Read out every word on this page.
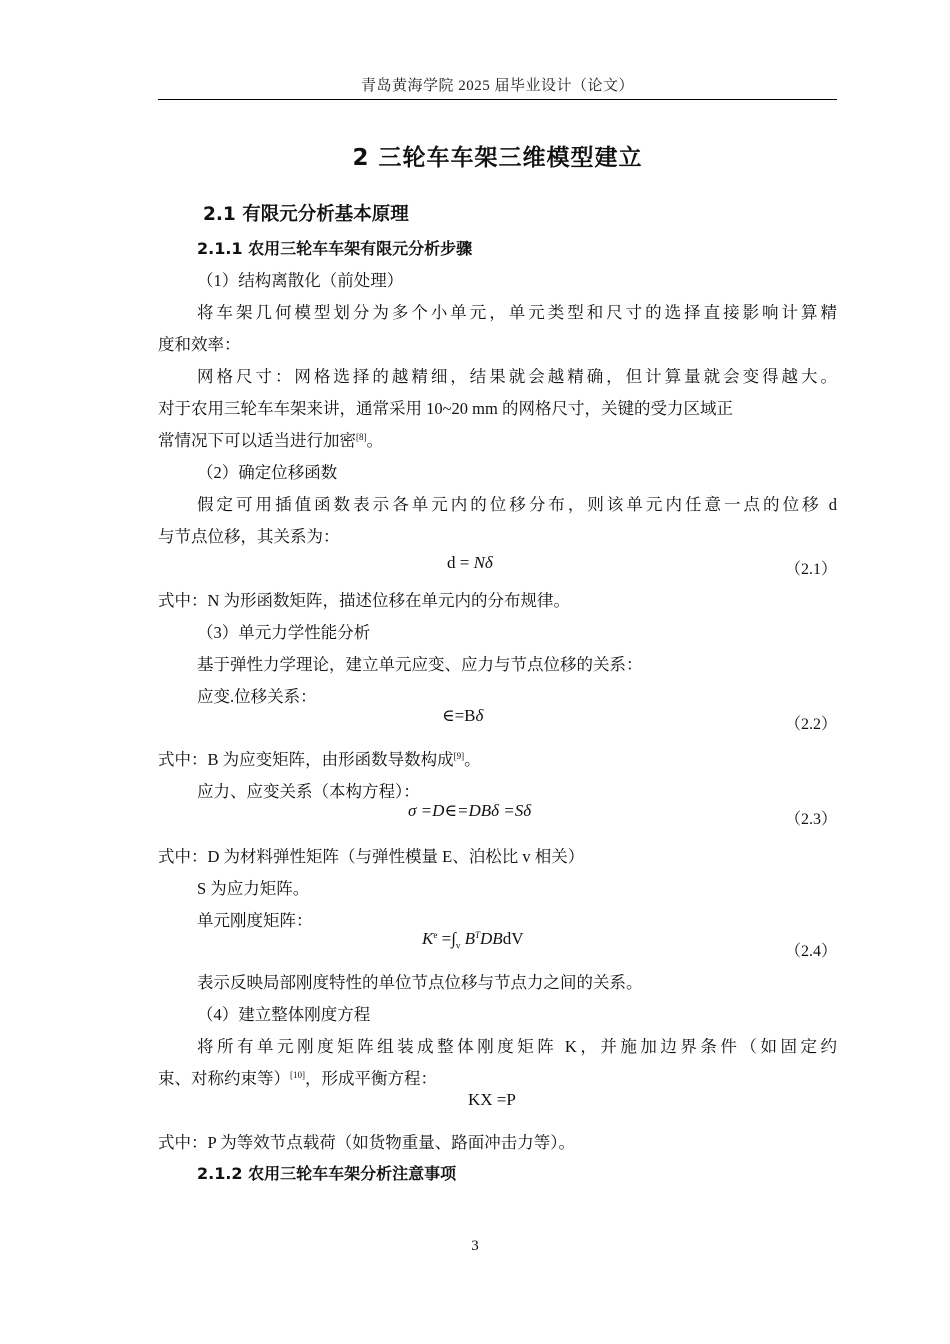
青岛黄海学院 2025 届毕业设计（论文）
2 三轮车车架三维模型建立
2.1 有限元分析基本原理
2.1.1 农用三轮车车架有限元分析步骤
（1）结构离散化（前处理）
将车架几何模型划分为多个小单元，单元类型和尺寸的选择直接影响计算精
度和效率：
网格尺寸：网格选择的越精细，结果就会越精确，但计算量就会变得越大。
对于农用三轮车车架来讲，通常采用 10~20 mm 的网格尺寸，关键的受力区域正
常情况下可以适当进行加密[8]。
（2）确定位移函数
假定可用插值函数表示各单元内的位移分布，则该单元内任意一点的位移 d
与节点位移，其关系为：
d = Nδ	（2.1）
式中：N 为形函数矩阵，描述位移在单元内的分布规律。
（3）单元力学性能分析
基于弹性力学理论，建立单元应变、应力与节点位移的关系：
应变.位移关系：
∈=Bδ	（2.2）
式中：B 为应变矩阵，由形函数导数构成[9]。
应力、应变关系（本构方程）：
σ =D∈=DBδ =Sδ	（2.3）
式中：D 为材料弹性矩阵（与弹性模量 E、泊松比 v 相关）
S 为应力矩阵。
单元刚度矩阵：
$K^e =\int_v$ $B^TDBdV$
（2.4）
表示反映局部刚度特性的单位节点位移与节点力之间的关系。
（4）建立整体刚度方程
将所有单元刚度矩阵组装成整体刚度矩阵 K，并施加边界条件（如固定约
束、对称约束等）[10]，形成平衡方程：
KX =P
式中：P 为等效节点载荷（如货物重量、路面冲击力等）。
2.1.2 农用三轮车车架分析注意事项
3
